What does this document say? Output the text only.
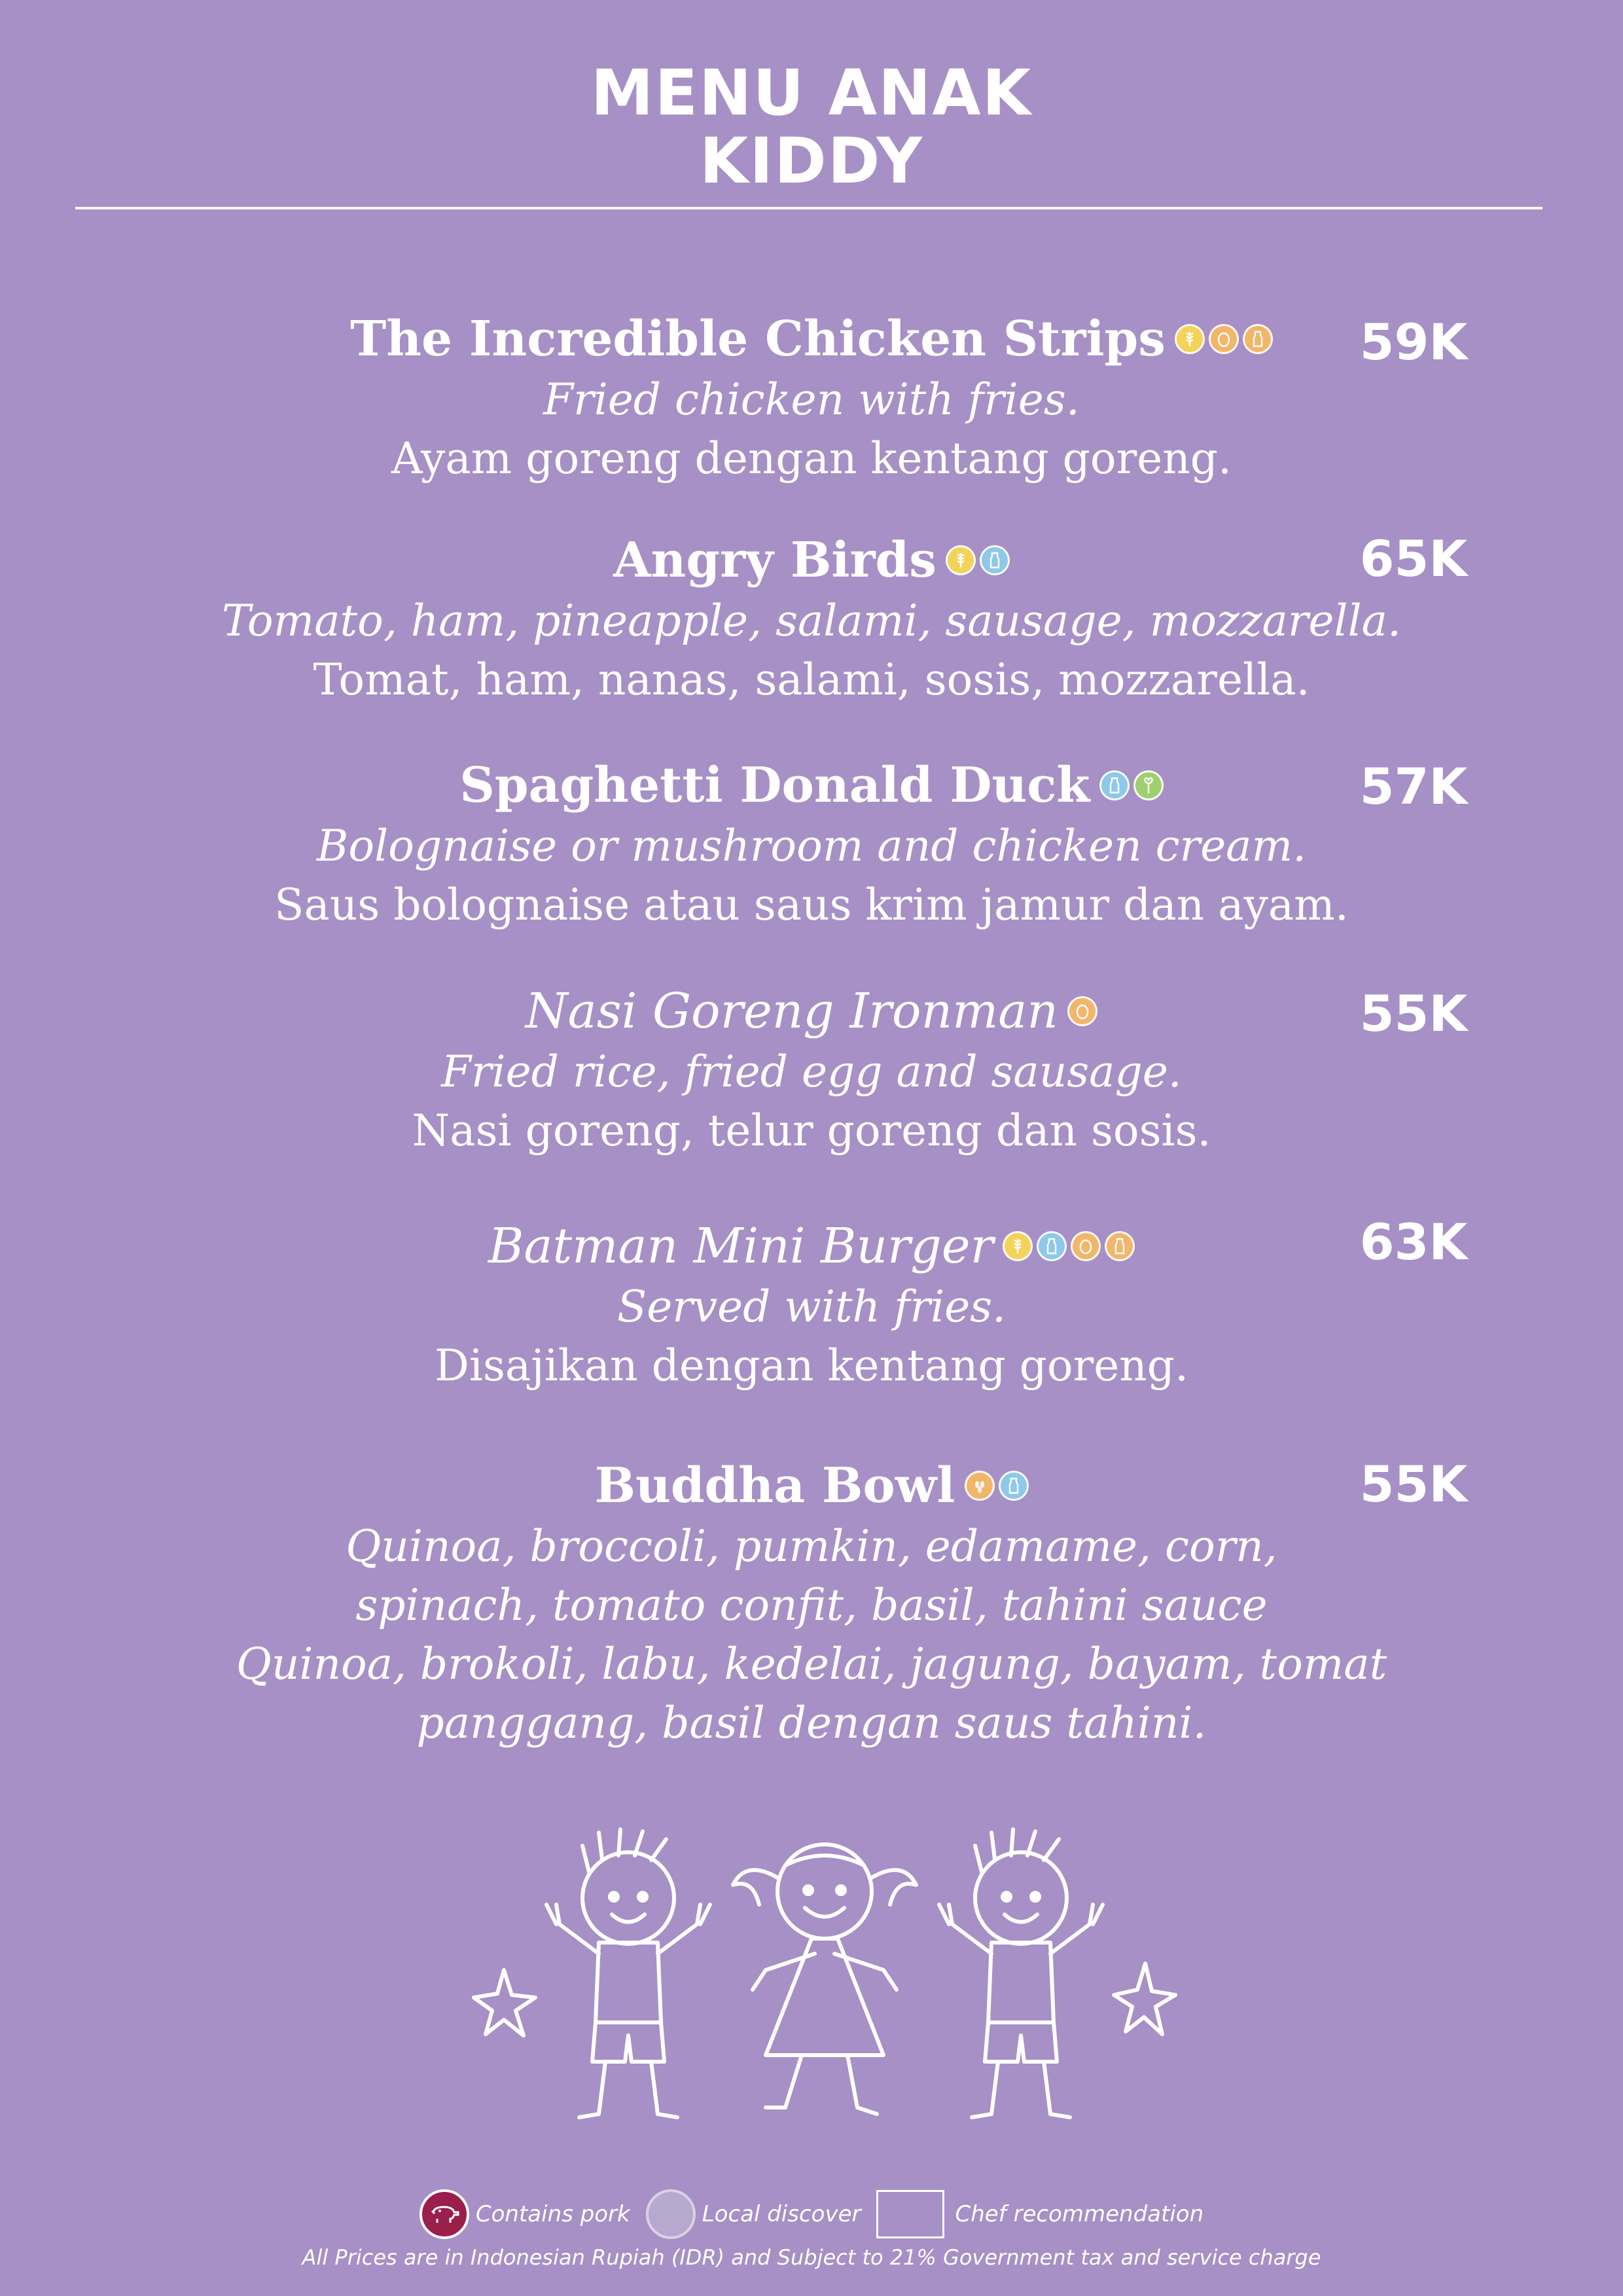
MENU ANAK
KIDDY
The Incredible Chicken Strips
Fried chicken with fries.
Ayam goreng dengan kentang goreng.
59K
Angry Birds
Tomato, ham, pineapple, salami, sausage, mozzarella.
Tomat, ham, nanas, salami, sosis, mozzarella.
65K
Spaghetti Donald Duck
Bolognaise or mushroom and chicken cream.
Saus bolognaise atau saus krim jamur dan ayam.
57K
Nasi Goreng Ironman
Fried rice, fried egg and sausage.
Nasi goreng, telur goreng dan sosis.
55K
Batman Mini Burger
Served with fries.
Disajikan dengan kentang goreng.
63K
Buddha Bowl
Quinoa, broccoli, pumkin, edamame, corn,
spinach, tomato confit, basil, tahini sauce
Quinoa, brokoli, labu, kedelai, jagung, bayam, tomat
panggang, basil dengan saus tahini.
55K
Contains pork	Local discover	Chef recommendation
All Prices are in Indonesian Rupiah (IDR) and Subject to 21% Government tax and service charge
